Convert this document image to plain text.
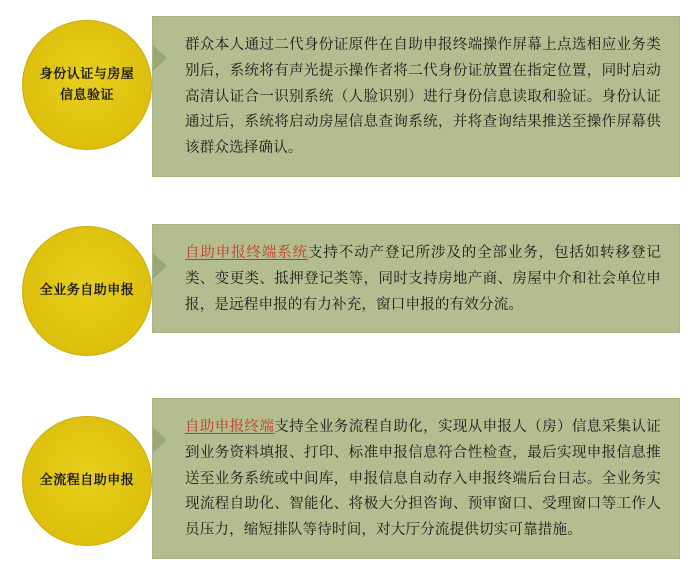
群众本人通过二代身份证原件在自助申报终端操作屏幕上点选相应业务类别后，系统将有声光提示操作者将二代身份证放置在指定位置，同时启动高清认证合一识别系统（人脸识别）进行身份信息读取和验证。身份认证通过后，系统将启动房屋信息查询系统，并将查询结果推送至操作屏幕供该群众选择确认。
身份认证与房屋信息验证
自助申报终端系统支持不动产登记所涉及的全部业务，包括如转移登记类、变更类、抵押登记类等，同时支持房地产商、房屋中介和社会单位申报，是远程申报的有力补充，窗口申报的有效分流。
全业务自助申报
自助申报终端支持全业务流程自助化，实现从申报人（房）信息采集认证到业务资料填报、打印、标准申报信息符合性检查，最后实现申报信息推送至业务系统或中间库，申报信息自动存入申报终端后台日志。全业务实现流程自助化、智能化、将极大分担咨询、预审窗口、受理窗口等工作人员压力，缩短排队等待时间，对大厅分流提供切实可靠措施。
全流程自助申报
